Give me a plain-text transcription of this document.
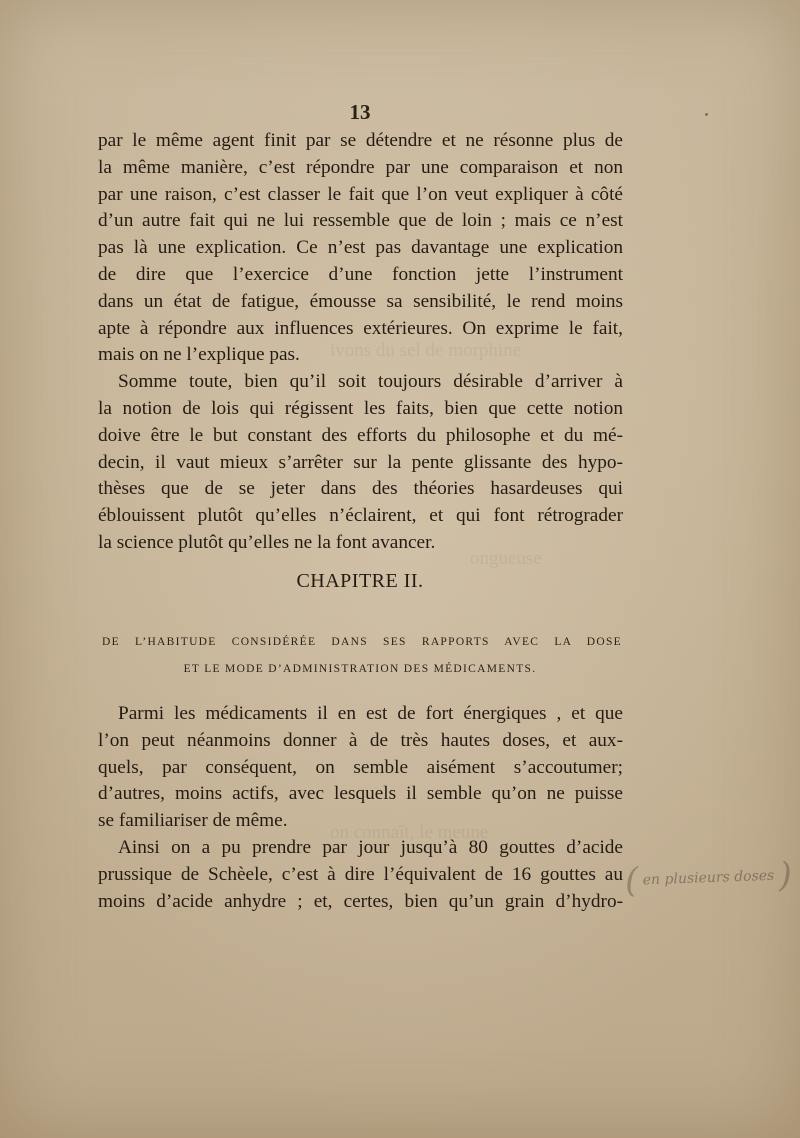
ivons du sel de morphine
ongueuse
on connaît, le meune
13
par le même agent finit par se détendre et ne résonne plus de
la même manière, c’est répondre par une comparaison et non
par une raison, c’est classer le fait que l’on veut expliquer à côté
d’un autre fait qui ne lui ressemble que de loin ; mais ce n’est
pas là une explication. Ce n’est pas davantage une explication
de dire que l’exercice d’une fonction jette l’instrument
dans un état de fatigue, émousse sa sensibilité, le rend moins
apte à répondre aux influences extérieures. On exprime le fait,
mais on ne l’explique pas.
Somme toute, bien qu’il soit toujours désirable d’arriver à
la notion de lois qui régissent les faits, bien que cette notion
doive être le but constant des efforts du philosophe et du mé-
decin, il vaut mieux s’arrêter sur la pente glissante des hypo-
thèses que de se jeter dans des théories hasardeuses qui
éblouissent plutôt qu’elles n’éclairent, et qui font rétrograder
la science plutôt qu’elles ne la font avancer.
CHAPITRE II.
DE L’HABITUDE CONSIDÉRÉE DANS SES RAPPORTS AVEC LA DOSE
ET LE MODE D’ADMINISTRATION DES MÉDICAMENTS.
Parmi les médicaments il en est de fort énergiques , et que
l’on peut néanmoins donner à de très hautes doses, et aux-
quels, par conséquent, on semble aisément s’accoutumer;
d’autres, moins actifs, avec lesquels il semble qu’on ne puisse
se familiariser de même.
Ainsi on a pu prendre par jour jusqu’à 80 gouttes d’acide
prussique de Schèele, c’est à dire l’équivalent de 16 gouttes au
moins d’acide anhydre ; et, certes, bien qu’un grain d’hydro-
( en plusieurs doses )
